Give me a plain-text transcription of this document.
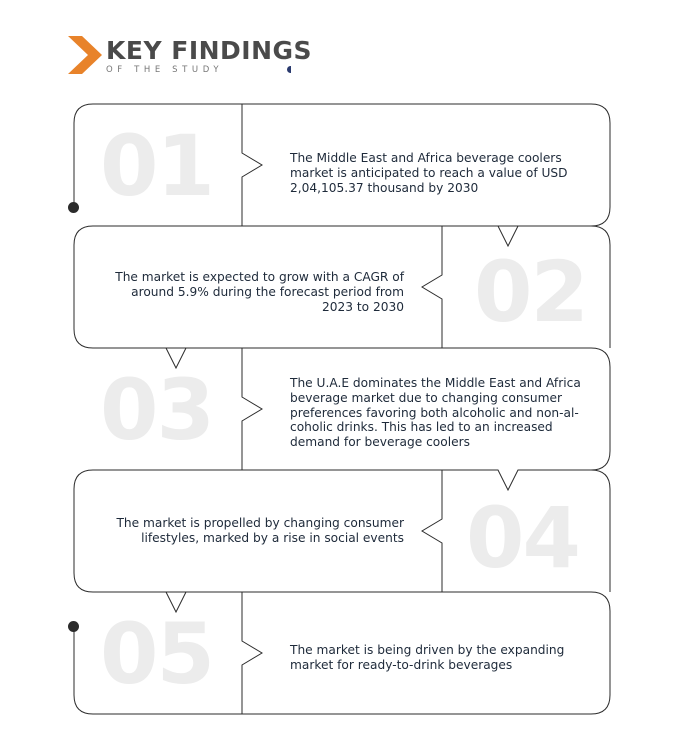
KEY FINDINGS
OF THE STUDY
01	The Middle East and Africa beverage coolers market is anticipated to reach a value of USD 2,04,105.37 thousand by 2030
02
The market is expected to grow with a CAGR of around 5.9% during the forecast period from 2023 to 2030
03	The U.A.E dominates the Middle East and Africa beverage market due to changing consumer preferences favoring both alcoholic and non-al-coholic drinks. This has led to an increased demand for beverage coolers
04
The market is propelled by changing consumer lifestyles, marked by a rise in social events
05	The market is being driven by the expanding market for ready-to-drink beverages
